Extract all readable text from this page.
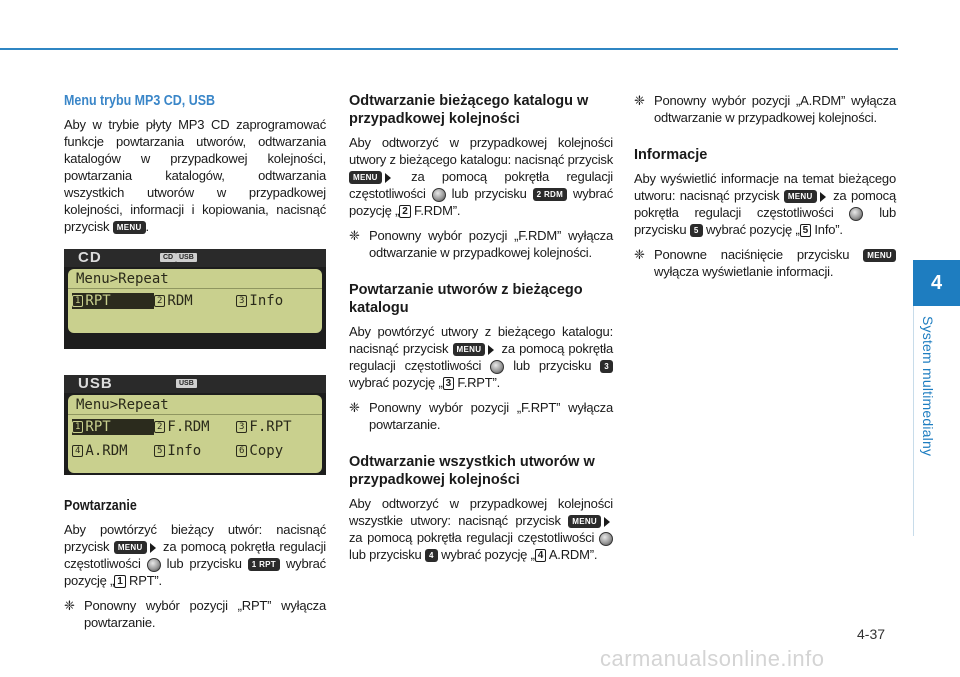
4
System multimedialny
Menu trybu MP3 CD, USB

Aby w trybie płyty MP3 CD zaprogramować funkcje powtarzania utworów, odtwarzania katalogów w przypadkowej kolejności, powtarzania katalogów, odtwarzania wszystkich utworów w przypadkowej kolejności, informacji i kopiowania, nacisnąć przycisk MENU .

CD	CD USB
Menu>Repeat
1 RPT	2 RDM	3 Info
USB	USB
Menu>Repeat
1 RPT	2 F.RDM	3 F.RPT
4 A.RDM	5 Info	6 Copy
Powtarzanie

Aby powtórzyć bieżący utwór: nacisnąć przycisk MENU za pomocą pokrętła regulacji częstotliwości lub przycisku 1 RPT wybrać pozycję „ 1 RPT”.

❈ Ponowny wybór pozycji „RPT” wyłącza powtarzanie.

Odtwarzanie bieżącego katalogu w przypadkowej kolejności

Aby odtworzyć w przypadkowej kolejności utwory z bieżącego katalogu: nacisnąć przycisk MENU	za pomocą pokrętła regulacji częstotliwości lub przycisku 2 RDM wybrać pozycję „ 2 F.RDM”.

❈ Ponowny wybór pozycji „F.RDM” wyłącza odtwarzanie w przypadkowej kolejności.

Powtarzanie utworów z bieżącego katalogu

Aby powtórzyć utwory z bieżącego katalogu: nacisnąć przycisk MENU za pomocą pokrętła regulacji częstotliwości lub przycisku 3 wybrać pozycję „ 3 F.RPT”.

❈ Ponowny wybór pozycji „F.RPT” wyłącza powtarzanie.

Odtwarzanie wszystkich utworów w przypadkowej kolejności

Aby odtworzyć w przypadkowej kolejności wszystkie utwory: nacisnąć przycisk MENU za pomocą pokrętła regulacji częstotliwości  lub przycisku 4 wybrać pozycję „ 4 A.RDM”.

❈ Ponowny wybór pozycji „A.RDM” wyłącza odtwarzanie w przypadkowej kolejności.

Informacje

Aby wyświetlić informacje na temat bieżącego utworu: nacisnąć przycisk MENU za pomocą pokrętła regulacji częstotliwości	lub przycisku 5 wybrać pozycję „ 5 Info”.

❈ Ponowne naciśnięcie przycisku MENU wyłącza wyświetlanie informacji.

4-37
carmanualsonline.info
